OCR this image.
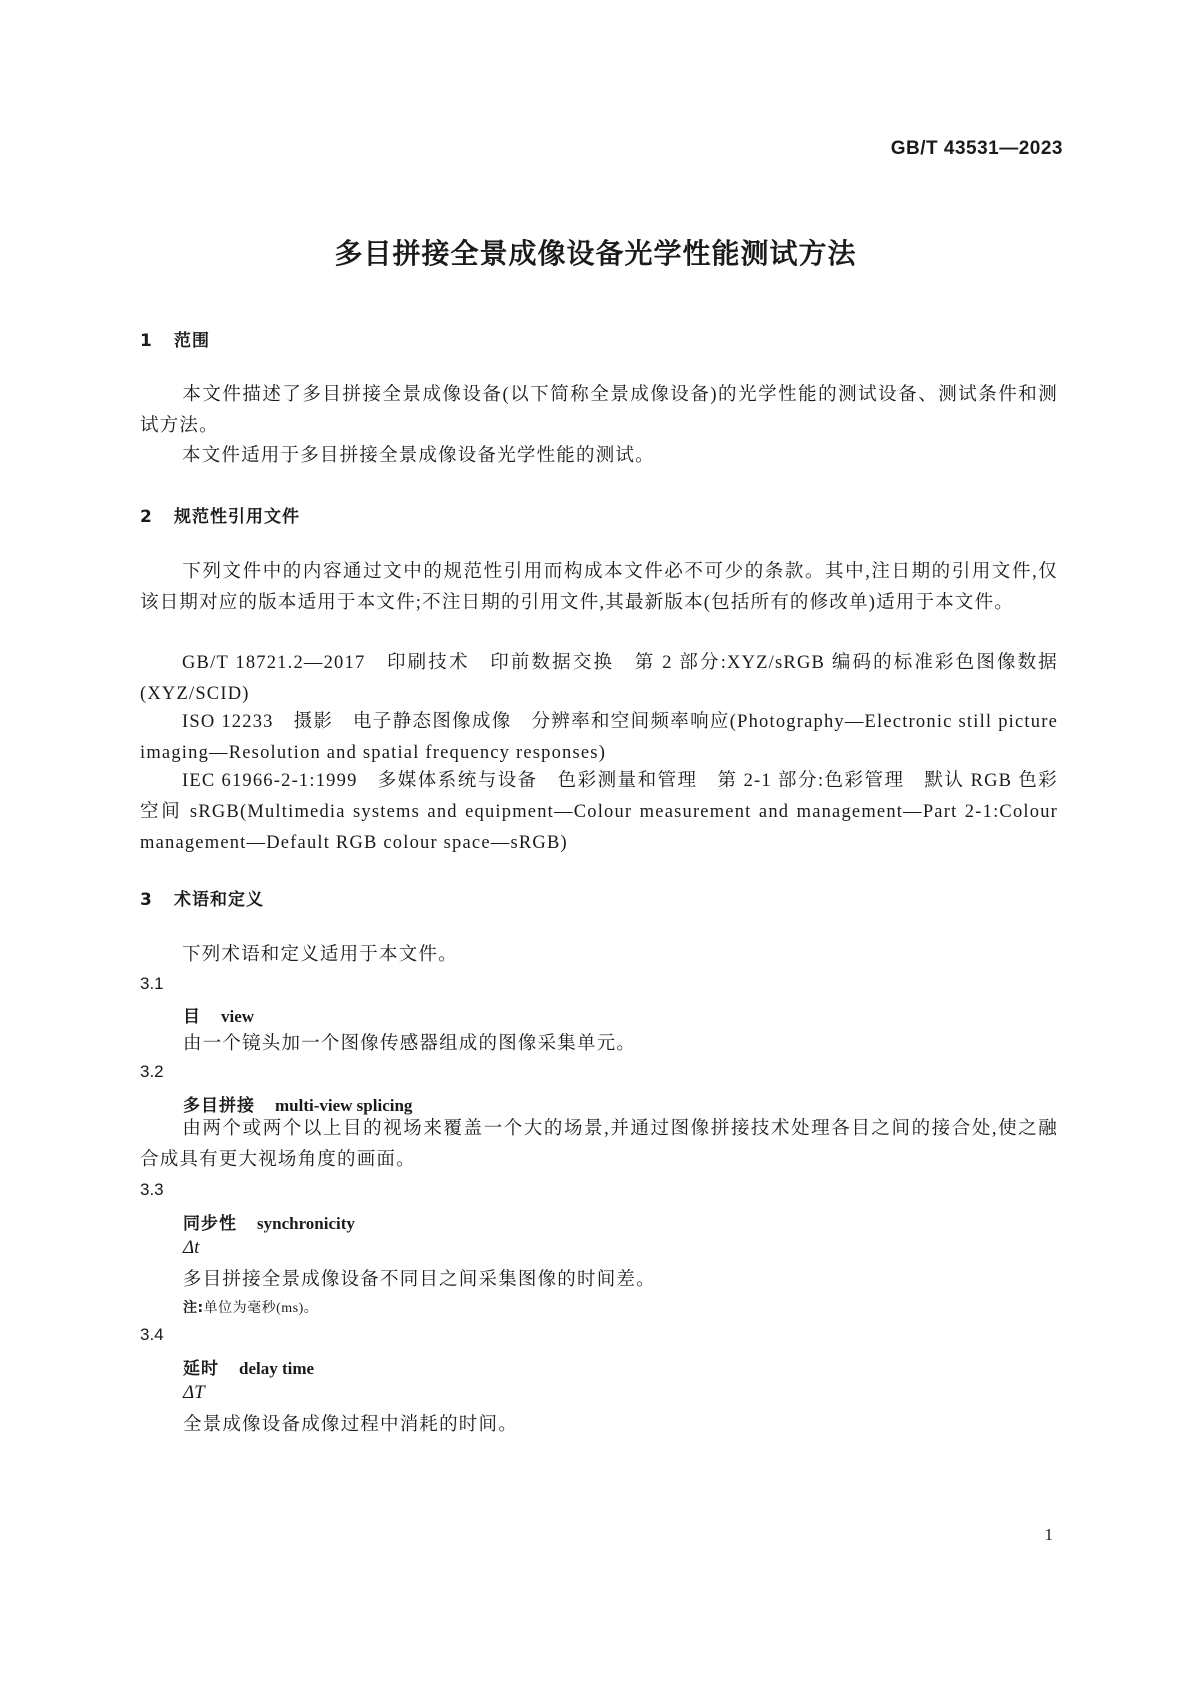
GB/T 43531—2023
多目拼接全景成像设备光学性能测试方法
1 范围
本文件描述了多目拼接全景成像设备(以下简称全景成像设备)的光学性能的测试设备、测试条件和测试方法。
本文件适用于多目拼接全景成像设备光学性能的测试。
2 规范性引用文件
下列文件中的内容通过文中的规范性引用而构成本文件必不可少的条款。其中,注日期的引用文件,仅该日期对应的版本适用于本文件;不注日期的引用文件,其最新版本(包括所有的修改单)适用于本文件。
GB/T 18721.2—2017　印刷技术　印前数据交换　第 2 部分:XYZ/sRGB 编码的标准彩色图像数据(XYZ/SCID)
ISO 12233　摄影　电子静态图像成像　分辨率和空间频率响应(Photography—Electronic still picture imaging—Resolution and spatial frequency responses)
IEC 61966-2-1:1999　多媒体系统与设备　色彩测量和管理　第 2-1 部分:色彩管理　默认 RGB 色彩空间 sRGB(Multimedia systems and equipment—Colour measurement and management—Part 2-1:Colour management—Default RGB colour space—sRGB)
3 术语和定义
下列术语和定义适用于本文件。
3.1
目 view
由一个镜头加一个图像传感器组成的图像采集单元。
3.2
多目拼接 multi-view splicing
由两个或两个以上目的视场来覆盖一个大的场景,并通过图像拼接技术处理各目之间的接合处,使之融合成具有更大视场角度的画面。
3.3
同步性 synchronicity
Δt
多目拼接全景成像设备不同目之间采集图像的时间差。
注:单位为毫秒(ms)。
3.4
延时 delay time
ΔT
全景成像设备成像过程中消耗的时间。
1
